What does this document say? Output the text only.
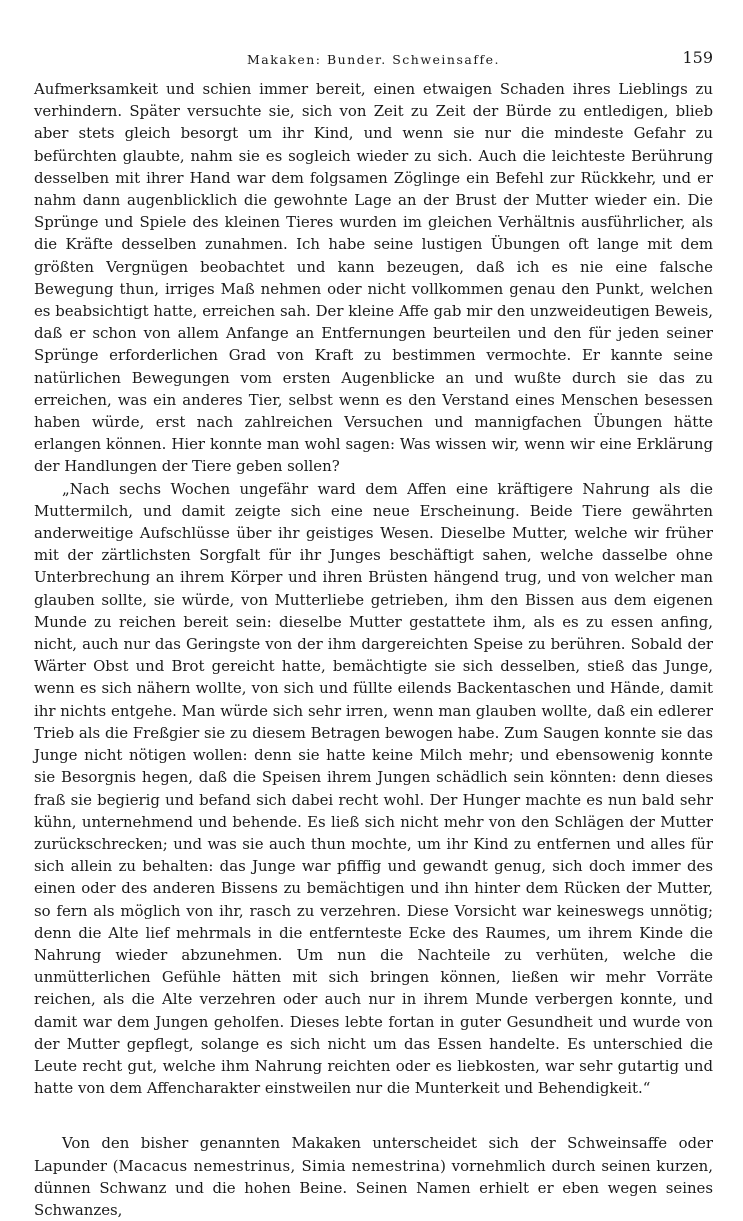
Makaken: Bunder. Schweinsaffe.	159

Aufmerksamkeit und schien immer bereit, einen etwaigen Schaden ihres Lieblings zu verhindern. Später versuchte sie, sich von Zeit zu Zeit der Bürde zu entledigen, blieb aber stets gleich besorgt um ihr Kind, und wenn sie nur die mindeste Gefahr zu befürchten glaubte, nahm sie es sogleich wieder zu sich. Auch die leichteste Berührung desselben mit ihrer Hand war dem folgsamen Zöglinge ein Befehl zur Rückkehr, und er nahm dann augenblicklich die gewohnte Lage an der Brust der Mutter wieder ein. Die Sprünge und Spiele des kleinen Tieres wurden im gleichen Verhältnis ausführlicher, als die Kräfte desselben zunahmen. Ich habe seine lustigen Übungen oft lange mit dem größten Vergnügen beobachtet und kann bezeugen, daß ich es nie eine falsche Bewegung thun, irriges Maß nehmen oder nicht vollkommen genau den Punkt, welchen es beabsichtigt hatte, erreichen sah. Der kleine Affe gab mir den unzweideutigen Beweis, daß er schon von allem Anfange an Entfernungen beurteilen und den für jeden seiner Sprünge erforderlichen Grad von Kraft zu bestimmen vermochte. Er kannte seine natürlichen Bewegungen vom ersten Augenblicke an und wußte durch sie das zu erreichen, was ein anderes Tier, selbst wenn es den Verstand eines Menschen besessen haben würde, erst nach zahlreichen Versuchen und mannigfachen Übungen hätte erlangen können. Hier konnte man wohl sagen: Was wissen wir, wenn wir eine Erklärung der Handlungen der Tiere geben sollen?

„Nach sechs Wochen ungefähr ward dem Affen eine kräftigere Nahrung als die Muttermilch, und damit zeigte sich eine neue Erscheinung. Beide Tiere gewährten anderweitige Aufschlüsse über ihr geistiges Wesen. Dieselbe Mutter, welche wir früher mit der zärtlichsten Sorgfalt für ihr Junges beschäftigt sahen, welche dasselbe ohne Unterbrechung an ihrem Körper und ihren Brüsten hängend trug, und von welcher man glauben sollte, sie würde, von Mutterliebe getrieben, ihm den Bissen aus dem eigenen Munde zu reichen bereit sein: dieselbe Mutter gestattete ihm, als es zu essen anfing, nicht, auch nur das Geringste von der ihm dargereichten Speise zu berühren. Sobald der Wärter Obst und Brot gereicht hatte, bemächtigte sie sich desselben, stieß das Junge, wenn es sich nähern wollte, von sich und füllte eilends Backentaschen und Hände, damit ihr nichts entgehe. Man würde sich sehr irren, wenn man glauben wollte, daß ein edlerer Trieb als die Freßgier sie zu diesem Betragen bewogen habe. Zum Saugen konnte sie das Junge nicht nötigen wollen: denn sie hatte keine Milch mehr; und ebensowenig konnte sie Besorgnis hegen, daß die Speisen ihrem Jungen schädlich sein könnten: denn dieses fraß sie begierig und befand sich dabei recht wohl. Der Hunger machte es nun bald sehr kühn, unternehmend und behende. Es ließ sich nicht mehr von den Schlägen der Mutter zurückschrecken; und was sie auch thun mochte, um ihr Kind zu entfernen und alles für sich allein zu behalten: das Junge war pfiffig und gewandt genug, sich doch immer des einen oder des anderen Bissens zu bemächtigen und ihn hinter dem Rücken der Mutter, so fern als möglich von ihr, rasch zu verzehren. Diese Vorsicht war keineswegs unnötig; denn die Alte lief mehrmals in die entfernteste Ecke des Raumes, um ihrem Kinde die Nahrung wieder abzunehmen. Um nun die Nachteile zu verhüten, welche die unmütterlichen Gefühle hätten mit sich bringen können, ließen wir mehr Vorräte reichen, als die Alte verzehren oder auch nur in ihrem Munde verbergen konnte, und damit war dem Jungen geholfen. Dieses lebte fortan in guter Gesundheit und wurde von der Mutter gepflegt, solange es sich nicht um das Essen handelte. Es unterschied die Leute recht gut, welche ihm Nahrung reichten oder es liebkosten, war sehr gutartig und hatte von dem Affencharakter einstweilen nur die Munterkeit und Behendigkeit.“

Von den bisher genannten Makaken unterscheidet sich der Schweinsaffe oder Lapunder (Macacus nemestrinus, Simia nemestrina) vornehmlich durch seinen kurzen, dünnen Schwanz und die hohen Beine. Seinen Namen erhielt er eben wegen seines Schwanzes,
